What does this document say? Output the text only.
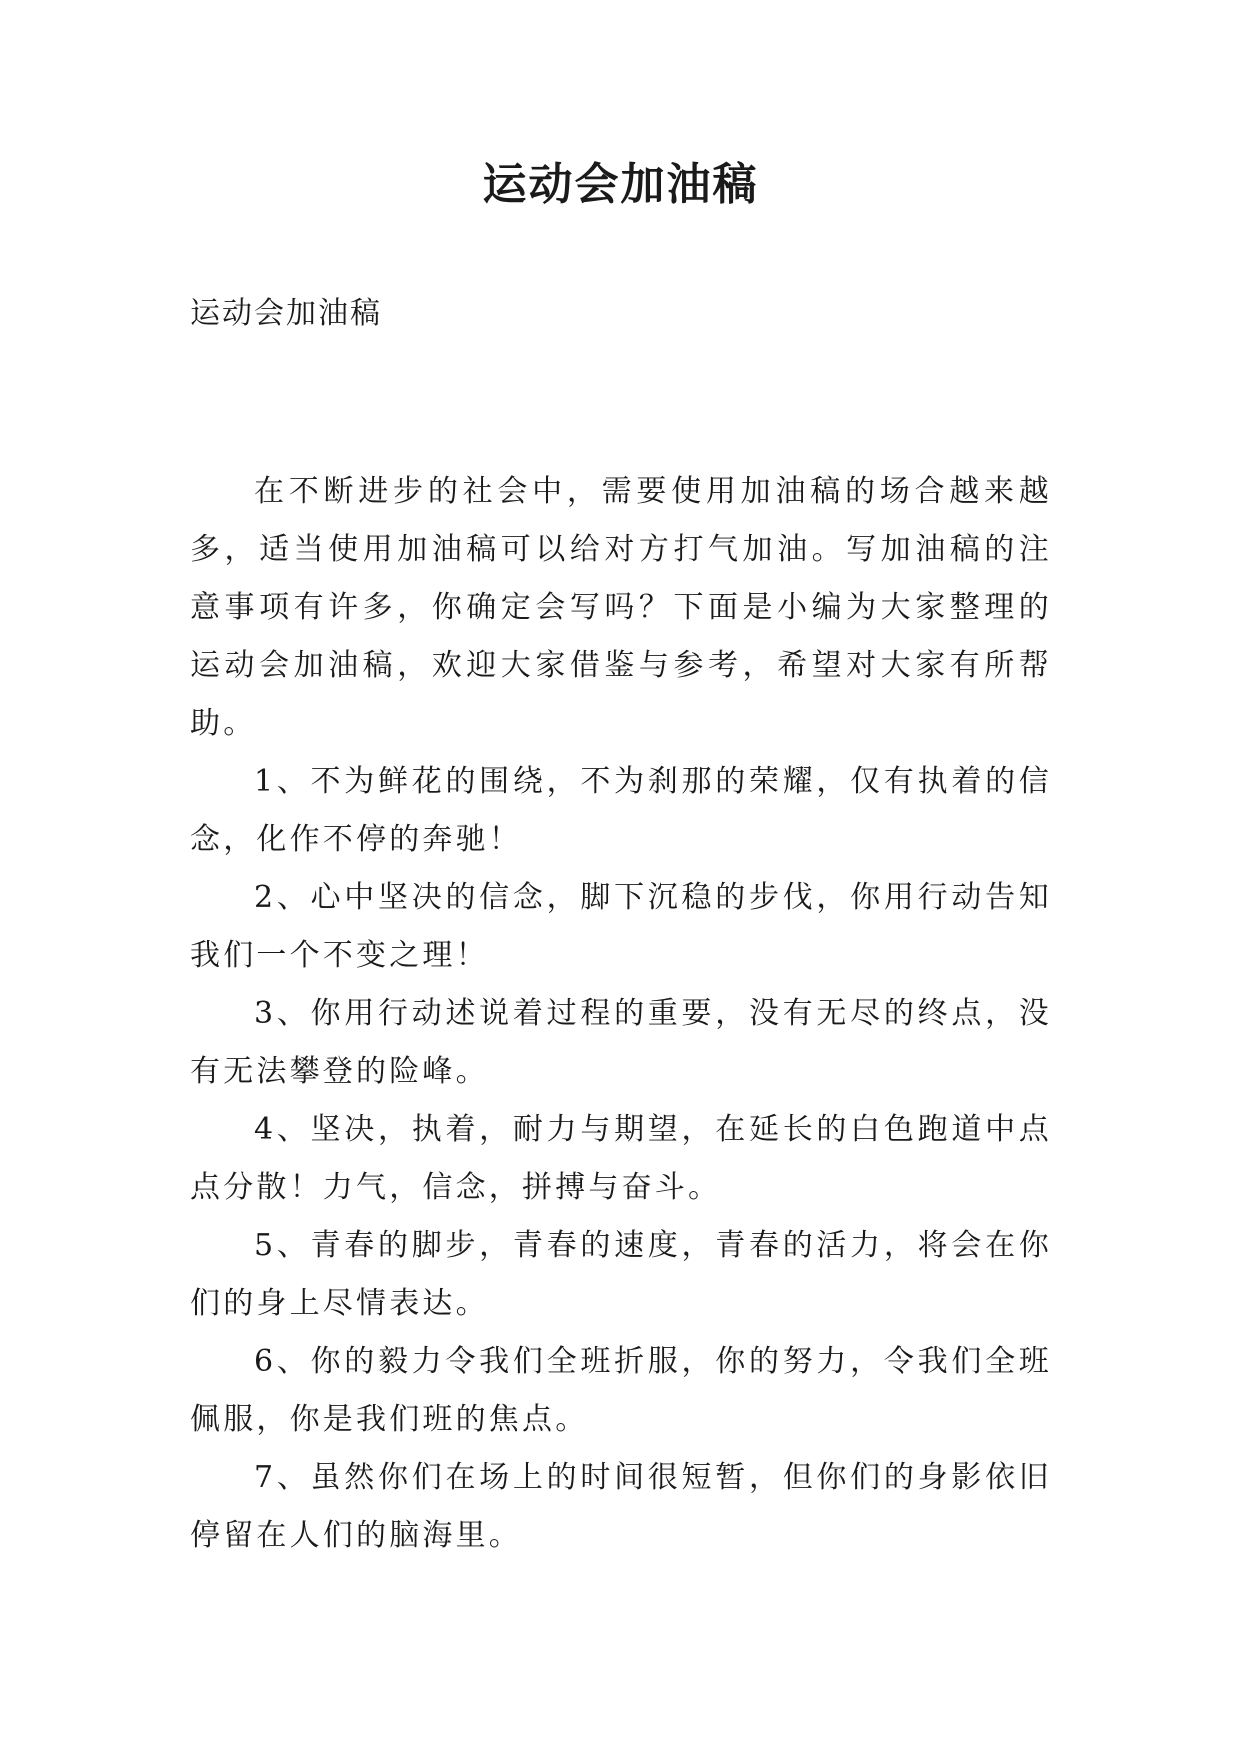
运动会加油稿

运动会加油稿

在不断进步的社会中，需要使用加油稿的场合越来越多，适当使用加油稿可以给对方打气加油。写加油稿的注意事项有许多，你确定会写吗？下面是小编为大家整理的运动会加油稿，欢迎大家借鉴与参考，希望对大家有所帮助。

1、不为鲜花的围绕，不为刹那的荣耀，仅有执着的信念，化作不停的奔驰！

2、心中坚决的信念，脚下沉稳的步伐，你用行动告知我们一个不变之理！

3、你用行动述说着过程的重要，没有无尽的终点，没有无法攀登的险峰。

4、坚决，执着，耐力与期望，在延长的白色跑道中点点分散！力气，信念，拼搏与奋斗。

5、青春的脚步，青春的速度，青春的活力，将会在你们的身上尽情表达。

6、你的毅力令我们全班折服，你的努力，令我们全班佩服，你是我们班的焦点。

7、虽然你们在场上的时间很短暂，但你们的身影依旧停留在人们的脑海里。
